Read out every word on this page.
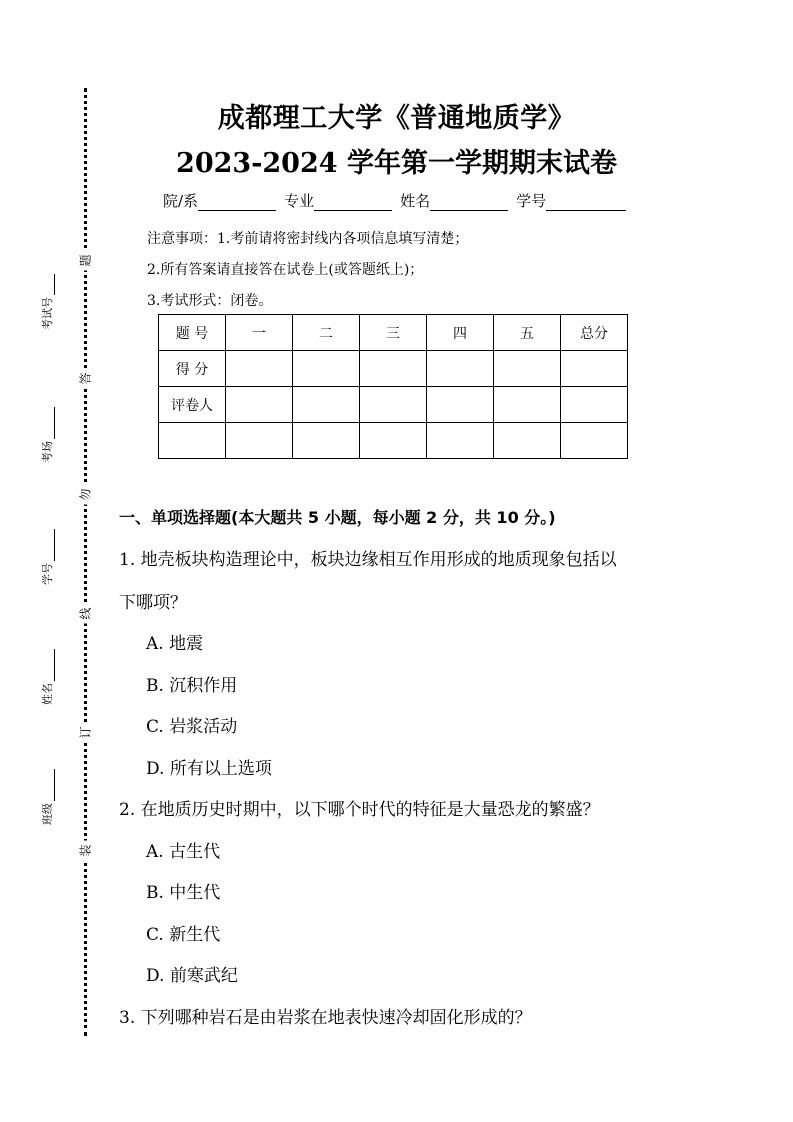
题
答
勿
线
订
装
考试号
考场
学号
姓名
班级
成都理工大学《普通地质学》
2023-2024 学年第一学期期末试卷
院/系	专业	姓名	学号
注意事项：1.考前请将密封线内各项信息填写清楚；
2.所有答案请直接答在试卷上(或答题纸上)；
3.考试形式：闭卷。
题 号	一	二	三	四	五	总分
得 分						
评卷人						

一、单项选择题(本大题共 5 小题，每小题 2 分，共 10 分。)
1. 地壳板块构造理论中，板块边缘相互作用形成的地质现象包括以
下哪项？
A. 地震
B. 沉积作用
C. 岩浆活动
D. 所有以上选项
2. 在地质历史时期中，以下哪个时代的特征是大量恐龙的繁盛？
A. 古生代
B. 中生代
C. 新生代
D. 前寒武纪
3. 下列哪种岩石是由岩浆在地表快速冷却固化形成的？
